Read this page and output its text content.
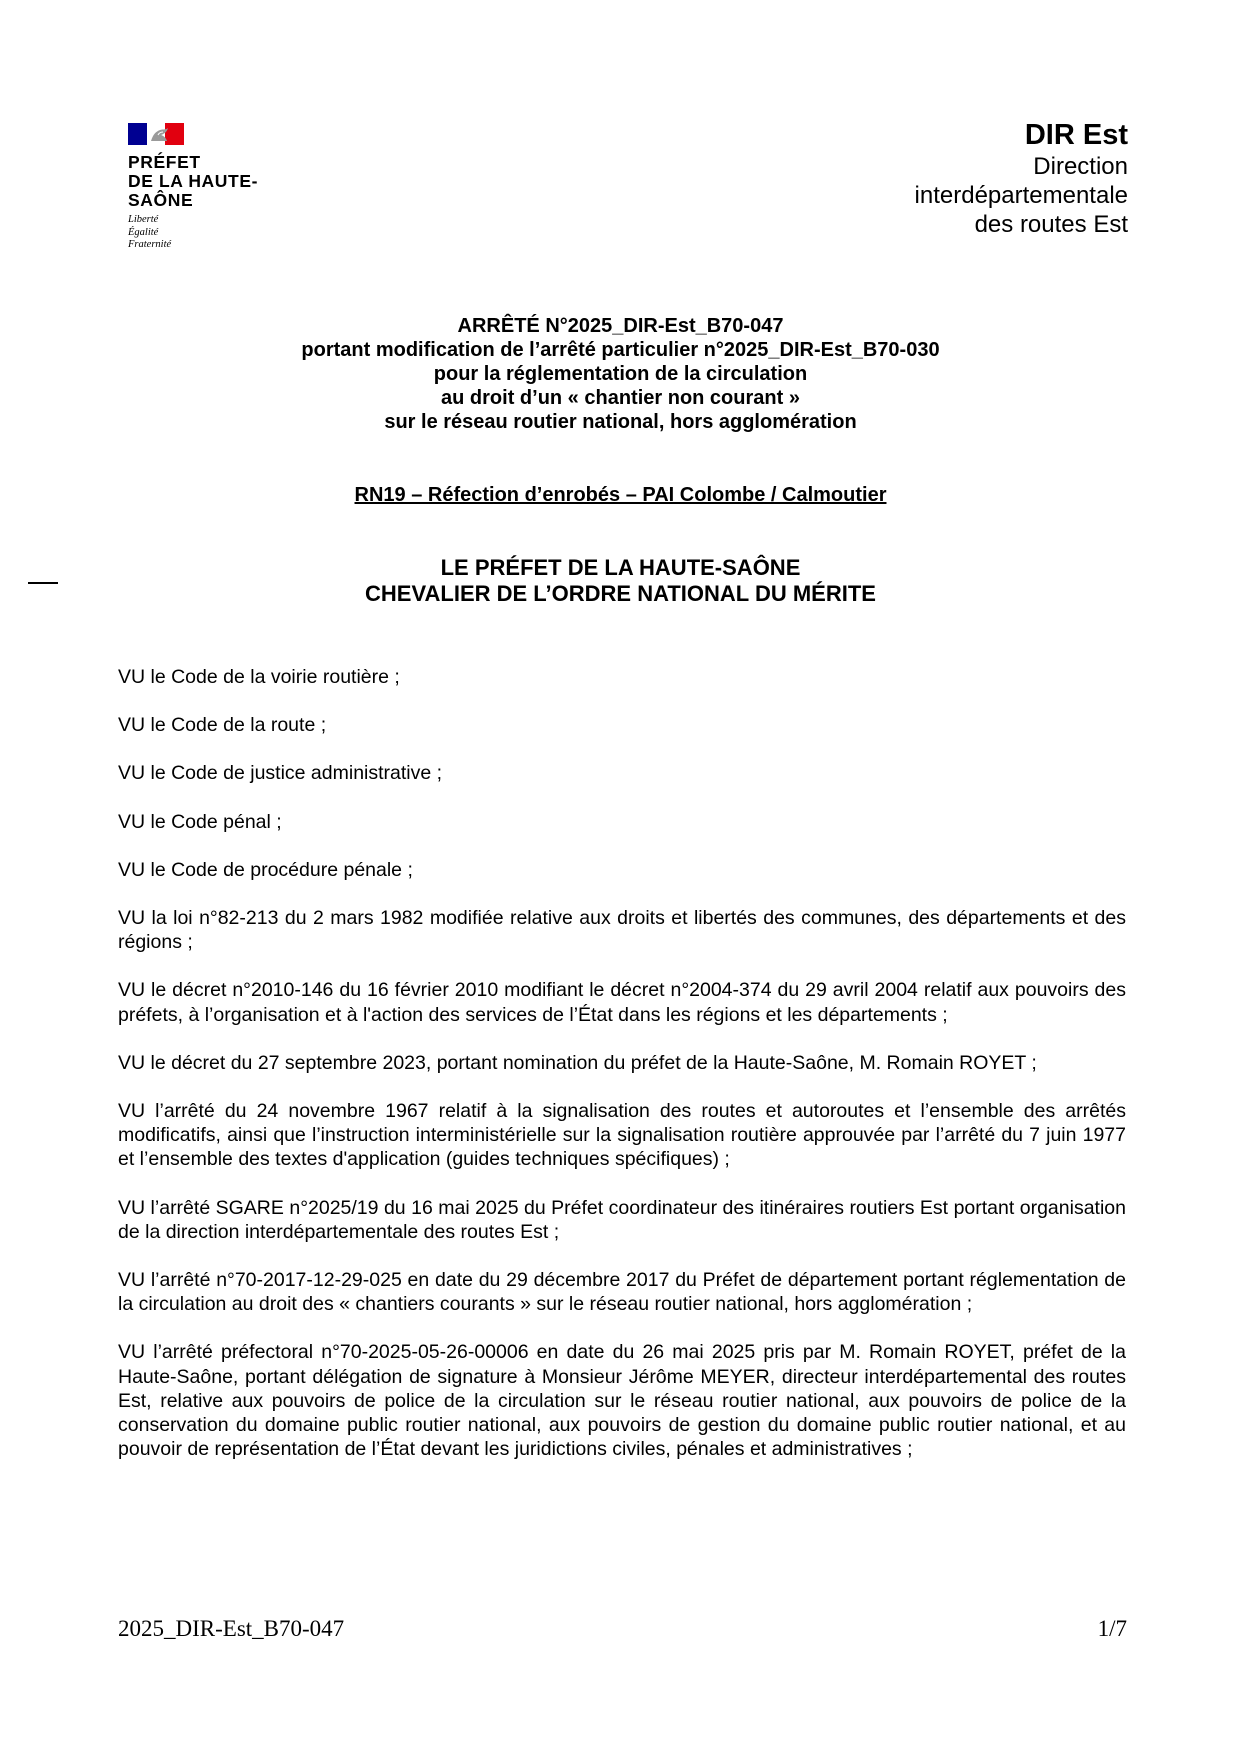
PRÉFET
DE LA HAUTE-
SAÔNE
Liberté
Égalité
Fraternité
DIR Est
Direction
interdépartementale
des routes Est
ARRÊTÉ N°2025_DIR-Est_B70-047
portant modification de l’arrêté particulier n°2025_DIR-Est_B70-030
pour la réglementation de la circulation
au droit d’un « chantier non courant »
sur le réseau routier national, hors agglomération
RN19 – Réfection d’enrobés – PAI Colombe / Calmoutier
LE PRÉFET DE LA HAUTE-SAÔNE
CHEVALIER DE L’ORDRE NATIONAL DU MÉRITE

VU le Code de la voirie routière ;

VU le Code de la route ;

VU le Code de justice administrative ;

VU le Code pénal ;

VU le Code de procédure pénale ;

VU la loi n°82-213 du 2 mars 1982 modifiée relative aux droits et libertés des communes, des départements et des régions ;

VU le décret n°2010-146 du 16 février 2010 modifiant le décret n°2004-374 du 29 avril 2004 relatif aux pouvoirs des préfets, à l’organisation et à l'action des services de l’État dans les régions et les départements ;

VU le décret du 27 septembre 2023, portant nomination du préfet de la Haute-Saône, M. Romain ROYET ;

VU l’arrêté du 24 novembre 1967 relatif à la signalisation des routes et autoroutes et l’ensemble des arrêtés modificatifs, ainsi que l’instruction interministérielle sur la signalisation routière approuvée par l’arrêté du 7 juin 1977 et l’ensemble des textes d'application (guides techniques spécifiques) ;

VU l’arrêté SGARE n°2025/19 du 16 mai 2025 du Préfet coordinateur des itinéraires routiers Est portant organisation de la direction interdépartementale des routes Est ;

VU l’arrêté n°70-2017-12-29-025 en date du 29 décembre 2017 du Préfet de département portant réglementation de la circulation au droit des « chantiers courants » sur le réseau routier national, hors agglomération ;

VU l’arrêté préfectoral n°70-2025-05-26-00006 en date du 26 mai 2025 pris par M. Romain ROYET, préfet de la Haute-Saône, portant délégation de signature à Monsieur Jérôme MEYER, directeur interdépartemental des routes Est, relative aux pouvoirs de police de la circulation sur le réseau routier national, aux pouvoirs de police de la conservation du domaine public routier national, aux pouvoirs de gestion du domaine public routier national, et au pouvoir de représentation de l’État devant les juridictions civiles, pénales et administratives ;

2025_DIR-Est_B70-047	1/7
